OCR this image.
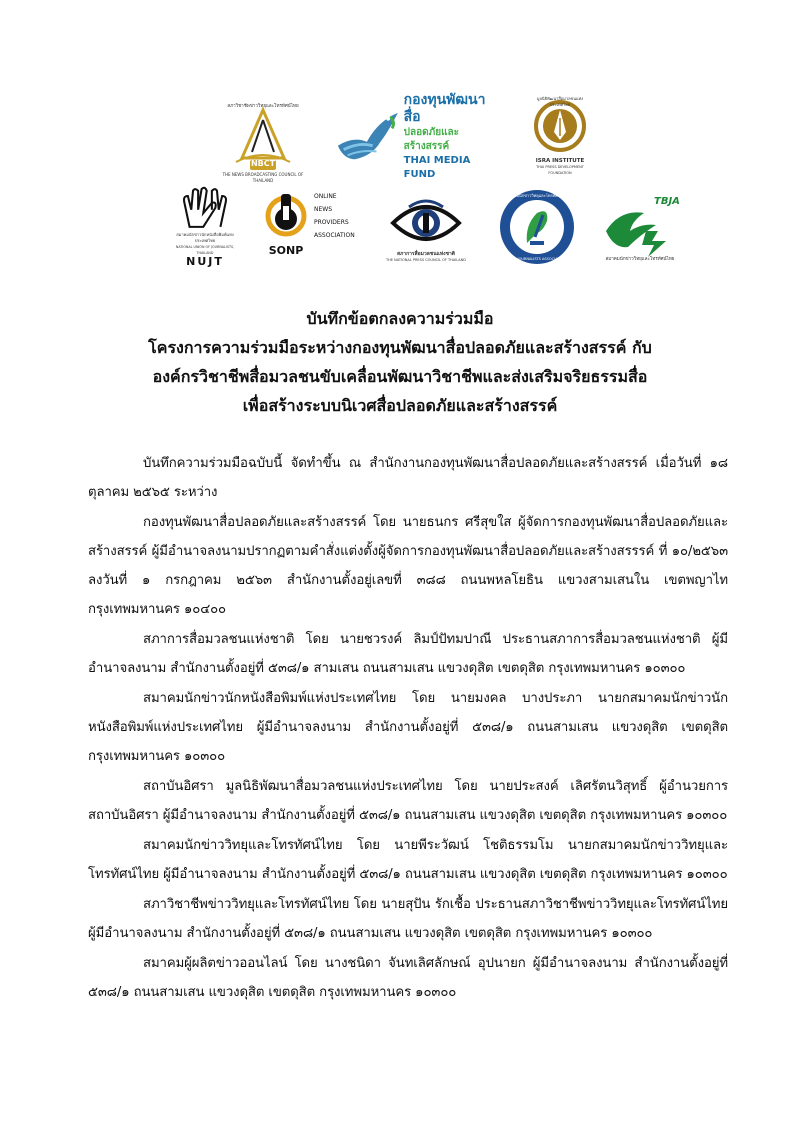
สภาวิชาชีพข่าววิทยุและโทรทัศน์ไทย
NBCT
THE NEWS BROADCASTING COUNCIL OF THAILAND
กองทุนพัฒนาสื่อ
ปลอดภัยและสร้างสรรค์
THAI MEDIA FUND
มูลนิธิพัฒนาสื่อมวลชนแห่งประเทศไทย
ISRA INSTITUTE
THAI PRESS DEVELOPMENT FOUNDATION
สมาคมนักข่าวนักหนังสือพิมพ์แห่งประเทศไทย
NATIONAL UNION OF JOURNALISTS, THAILAND
NUJT
SONP
ONLINE
NEWS
PROVIDERS
ASSOCIATION
สภาการสื่อมวลชนแห่งชาติ
THE NATIONAL PRESS COUNCIL OF THAILAND
สมาคมนักข่าววิทยุและโทรทัศน์ไทย
THAI JOURNALISTS ASSOCIATION
TBJA
สมาคมนักข่าววิทยุและโทรทัศน์ไทย
บันทึกข้อตกลงความร่วมมือ
โครงการความร่วมมือระหว่างกองทุนพัฒนาสื่อปลอดภัยและสร้างสรรค์ กับ
องค์กรวิชาชีพสื่อมวลชนขับเคลื่อนพัฒนาวิชาชีพและส่งเสริมจริยธรรมสื่อ
เพื่อสร้างระบบนิเวศสื่อปลอดภัยและสร้างสรรค์

บันทึกความร่วมมือฉบับนี้ จัดทำขึ้น ณ สำนักงานกองทุนพัฒนาสื่อปลอดภัยและสร้างสรรค์ เมื่อวันที่ ๑๘ ตุลาคม ๒๕๖๕ ระหว่าง

กองทุนพัฒนาสื่อปลอดภัยและสร้างสรรค์ โดย นายธนกร ศรีสุขใส ผู้จัดการกองทุนพัฒนาสื่อปลอดภัยและสร้างสรรค์ ผู้มีอำนาจลงนามปรากฏตามคำสั่งแต่งตั้งผู้จัดการกองทุนพัฒนาสื่อปลอดภัยและสร้างสรรรค์ ที่ ๑๐/๒๕๖๓ ลงวันที่ ๑ กรกฎาคม ๒๕๖๓ สำนักงานตั้งอยู่เลขที่ ๓๘๘ ถนนพหลโยธิน แขวงสามเสนใน เขตพญาไท กรุงเทพมหานคร ๑๐๔๐๐

สภาการสื่อมวลชนแห่งชาติ โดย นายชวรงค์ ลิมป์ปัทมปาณี ประธานสภาการสื่อมวลชนแห่งชาติ ผู้มีอำนาจลงนาม สำนักงานตั้งอยู่ที่ ๕๓๘/๑ สามเสน ถนนสามเสน แขวงดุสิต เขตดุสิต กรุงเทพมหานคร ๑๐๓๐๐

สมาคมนักข่าวนักหนังสือพิมพ์แห่งประเทศไทย โดย นายมงคล บางประภา นายกสมาคมนักข่าวนักหนังสือพิมพ์แห่งประเทศไทย ผู้มีอำนาจลงนาม สำนักงานตั้งอยู่ที่ ๕๓๘/๑ ถนนสามเสน แขวงดุสิต เขตดุสิต กรุงเทพมหานคร ๑๐๓๐๐

สถาบันอิศรา มูลนิธิพัฒนาสื่อมวลชนแห่งประเทศไทย โดย นายประสงค์ เลิศรัตนวิสุทธิ์ ผู้อำนวยการสถาบันอิศรา ผู้มีอำนาจลงนาม สำนักงานตั้งอยู่ที่ ๕๓๘/๑ ถนนสามเสน แขวงดุสิต เขตดุสิต กรุงเทพมหานคร ๑๐๓๐๐

สมาคมนักข่าววิทยุและโทรทัศน์ไทย โดย นายพีระวัฒน์ โชติธรรมโม นายกสมาคมนักข่าววิทยุและโทรทัศน์ไทย ผู้มีอำนาจลงนาม สำนักงานตั้งอยู่ที่ ๕๓๘/๑ ถนนสามเสน แขวงดุสิต เขตดุสิต กรุงเทพมหานคร ๑๐๓๐๐

สภาวิชาชีพข่าววิทยุและโทรทัศน์ไทย โดย นายสุปัน รักเชื้อ ประธานสภาวิชาชีพข่าววิทยุและโทรทัศน์ไทย ผู้มีอำนาจลงนาม สำนักงานตั้งอยู่ที่ ๕๓๘/๑ ถนนสามเสน แขวงดุสิต เขตดุสิต กรุงเทพมหานคร ๑๐๓๐๐

สมาคมผู้ผลิตข่าวออนไลน์ โดย นางชนิดา จันทเลิศลักษณ์ อุปนายก ผู้มีอำนาจลงนาม สำนักงานตั้งอยู่ที่ ๕๓๘/๑ ถนนสามเสน แขวงดุสิต เขตดุสิต กรุงเทพมหานคร ๑๐๓๐๐
